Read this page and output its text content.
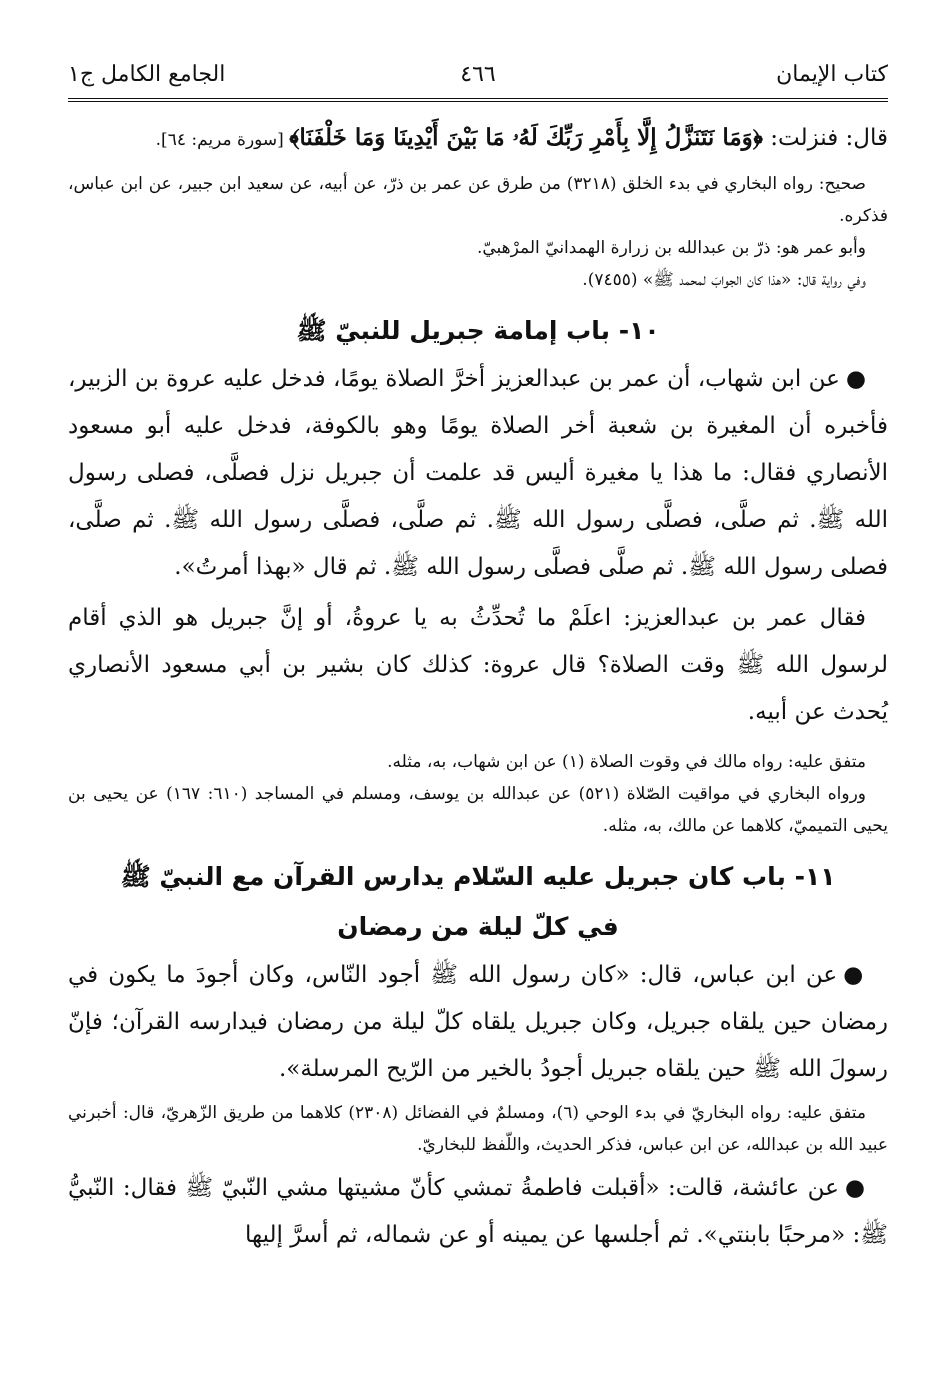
كتاب الإيمان
٤٦٦
الجامع الكامل ج١

قال: فنزلت: ﴿وَمَا نَتَنَزَّلُ إِلَّا بِأَمْرِ رَبِّكَ لَهُۥ مَا بَيْنَ أَيْدِينَا وَمَا خَلْفَنَا﴾ [سورة مريم: ٦٤].

صحيح: رواه البخاري في بدء الخلق (٣٢١٨) من طرق عن عمر بن ذرّ، عن أبيه، عن سعيد ابن جبير، عن ابن عباس، فذكره.

وأبو عمر هو: ذرّ بن عبدالله بن زرارة الهمدانيّ المرْهبيّ.

وفي رواية قال: «هذا كان الجوابَ لمحمد ﷺ» (٧٤٥٥).

١٠- باب إمامة جبريل للنبيّ ﷺ

●عن ابن شهاب، أن عمر بن عبدالعزيز أخرَّ الصلاة يومًا، فدخل عليه عروة بن الزبير، فأخبره أن المغيرة بن شعبة أخر الصلاة يومًا وهو بالكوفة، فدخل عليه أبو مسعود الأنصاري فقال: ما هذا يا مغيرة أليس قد علمت أن جبريل نزل فصلَّى، فصلى رسول الله ﷺ. ثم صلَّى، فصلَّى رسول الله ﷺ. ثم صلَّى، فصلَّى رسول الله ﷺ. ثم صلَّى، فصلى رسول الله ﷺ. ثم صلَّى فصلَّى رسول الله ﷺ. ثم قال «بهذا أمرتُ».

فقال عمر بن عبدالعزيز: اعلَمْ ما تُحدِّثُ به يا عروةُ، أو إنَّ جبريل هو الذي أقام لرسول الله ﷺ وقت الصلاة؟ قال عروة: كذلك كان بشير بن أبي مسعود الأنصاري يُحدث عن أبيه.

متفق عليه: رواه مالك في وقوت الصلاة (١) عن ابن شهاب، به، مثله.

ورواه البخاري في مواقيت الصّلاة (٥٢١) عن عبدالله بن يوسف، ومسلم في المساجد (٦١٠: ١٦٧) عن يحيى بن يحيى التميميّ، كلاهما عن مالك، به، مثله.

١١- باب كان جبريل عليه السّلام يدارس القرآن مع النبيّ ﷺ
في كلّ ليلة من رمضان

●عن ابن عباس، قال: «كان رسول الله ﷺ أجود النّاس، وكان أجودَ ما يكون في رمضان حين يلقاه جبريل، وكان جبريل يلقاه كلّ ليلة من رمضان فيدارسه القرآن؛ فإنّ رسولَ الله ﷺ حين يلقاه جبريل أجودُ بالخير من الرّيح المرسلة».

متفق عليه: رواه البخاريّ في بدء الوحي (٦)، ومسلمٌ في الفضائل (٢٣٠٨) كلاهما من طريق الزّهريّ، قال: أخبرني عبيد الله بن عبدالله، عن ابن عباس، فذكر الحديث، واللّفظ للبخاريّ.

●عن عائشة، قالت: «أقبلت فاطمةُ تمشي كأنّ مشيتها مشي النّبيّ ﷺ فقال: النّبيُّ ﷺ: «مرحبًا بابنتي». ثم أجلسها عن يمينه أو عن شماله، ثم أسرَّ إليها
